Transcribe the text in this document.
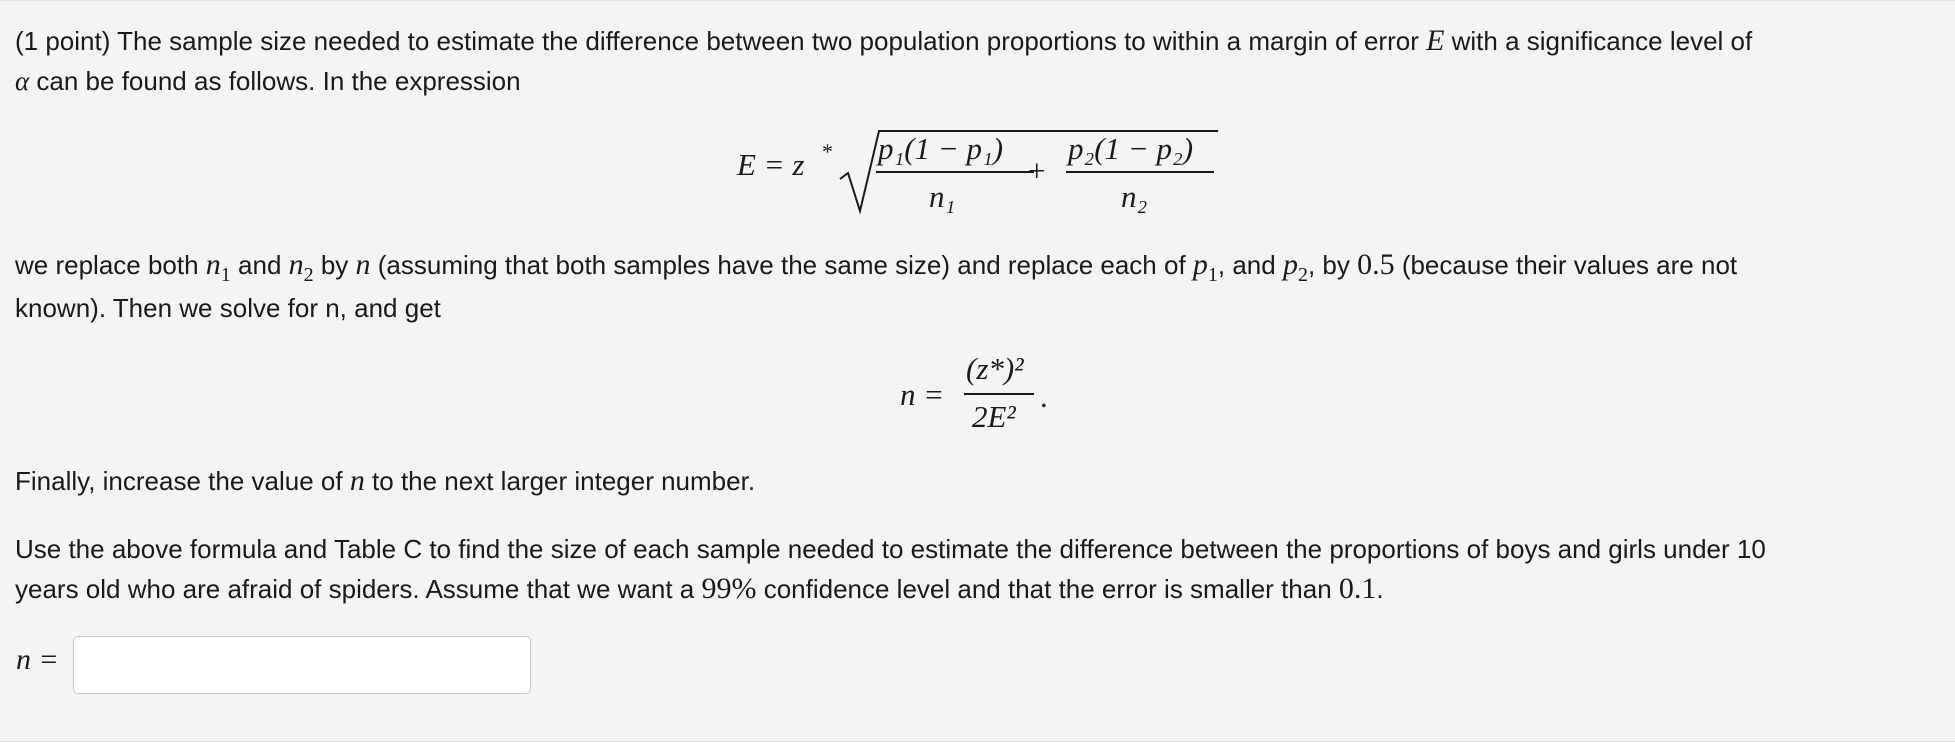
(1 point) The sample size needed to estimate the difference between two population proportions to within a margin of error E with a significance level of
α can be found as follows. In the expression

E = z * p₁(1 − p₁)
n₁
+
p₂(1 − p₂)
n₂

we replace both $n_1$ and $n_2$ by n (assuming that both samples have the same size) and replace each of $p_1$, and $p_2$, by 0.5 (because their values are not
known). Then we solve for n, and get

n =
(z*)²
2E²
.

Finally, increase the value of n to the next larger integer number.

Use the above formula and Table C to find the size of each sample needed to estimate the difference between the proportions of boys and girls under 10
years old who are afraid of spiders. Assume that we want a 99% confidence level and that the error is smaller than 0.1.

n =
